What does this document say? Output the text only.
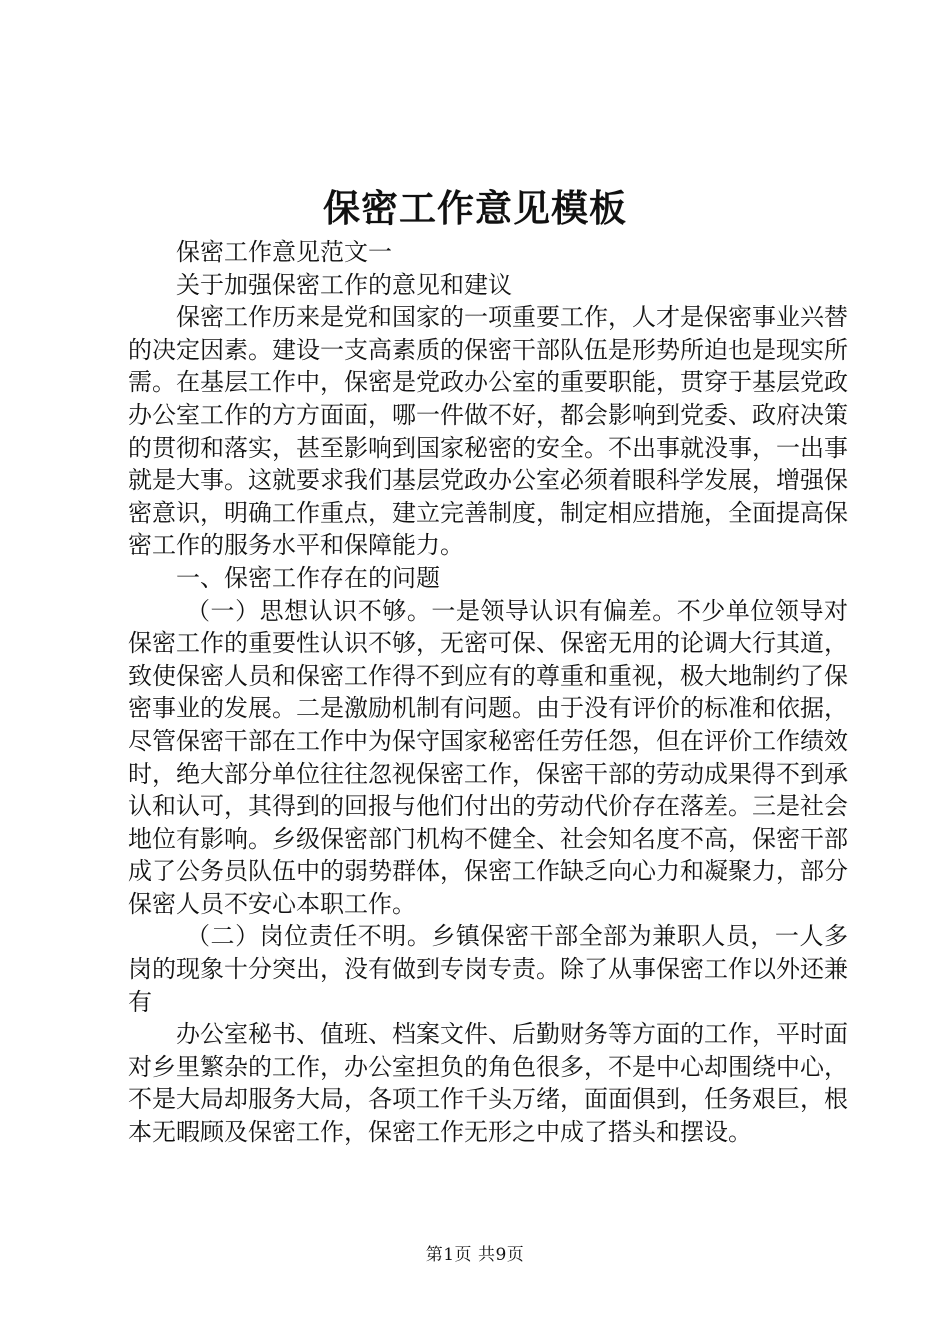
保密工作意见模板

保密工作意见范文一

关于加强保密工作的意见和建议

保密工作历来是党和国家的一项重要工作，人才是保密事业兴替的决定因素。建设一支高素质的保密干部队伍是形势所迫也是现实所需。在基层工作中，保密是党政办公室的重要职能，贯穿于基层党政办公室工作的方方面面，哪一件做不好，都会影响到党委、政府决策的贯彻和落实，甚至影响到国家秘密的安全。不出事就没事，一出事就是大事。这就要求我们基层党政办公室必须着眼科学发展，增强保密意识，明确工作重点，建立完善制度，制定相应措施，全面提高保密工作的服务水平和保障能力。

一、保密工作存在的问题

（一）思想认识不够。一是领导认识有偏差。不少单位领导对保密工作的重要性认识不够，无密可保、保密无用的论调大行其道，致使保密人员和保密工作得不到应有的尊重和重视，极大地制约了保密事业的发展。二是激励机制有问题。由于没有评价的标准和依据，尽管保密干部在工作中为保守国家秘密任劳任怨，但在评价工作绩效时，绝大部分单位往往忽视保密工作，保密干部的劳动成果得不到承认和认可，其得到的回报与他们付出的劳动代价存在落差。三是社会地位有影响。乡级保密部门机构不健全、社会知名度不高，保密干部成了公务员队伍中的弱势群体，保密工作缺乏向心力和凝聚力，部分保密人员不安心本职工作。

（二）岗位责任不明。乡镇保密干部全部为兼职人员，一人多岗的现象十分突出，没有做到专岗专责。除了从事保密工作以外还兼有

办公室秘书、值班、档案文件、后勤财务等方面的工作，平时面对乡里繁杂的工作，办公室担负的角色很多，不是中心却围绕中心，不是大局却服务大局，各项工作千头万绪，面面俱到，任务艰巨，根本无暇顾及保密工作，保密工作无形之中成了搭头和摆设。

第1页 共9页
